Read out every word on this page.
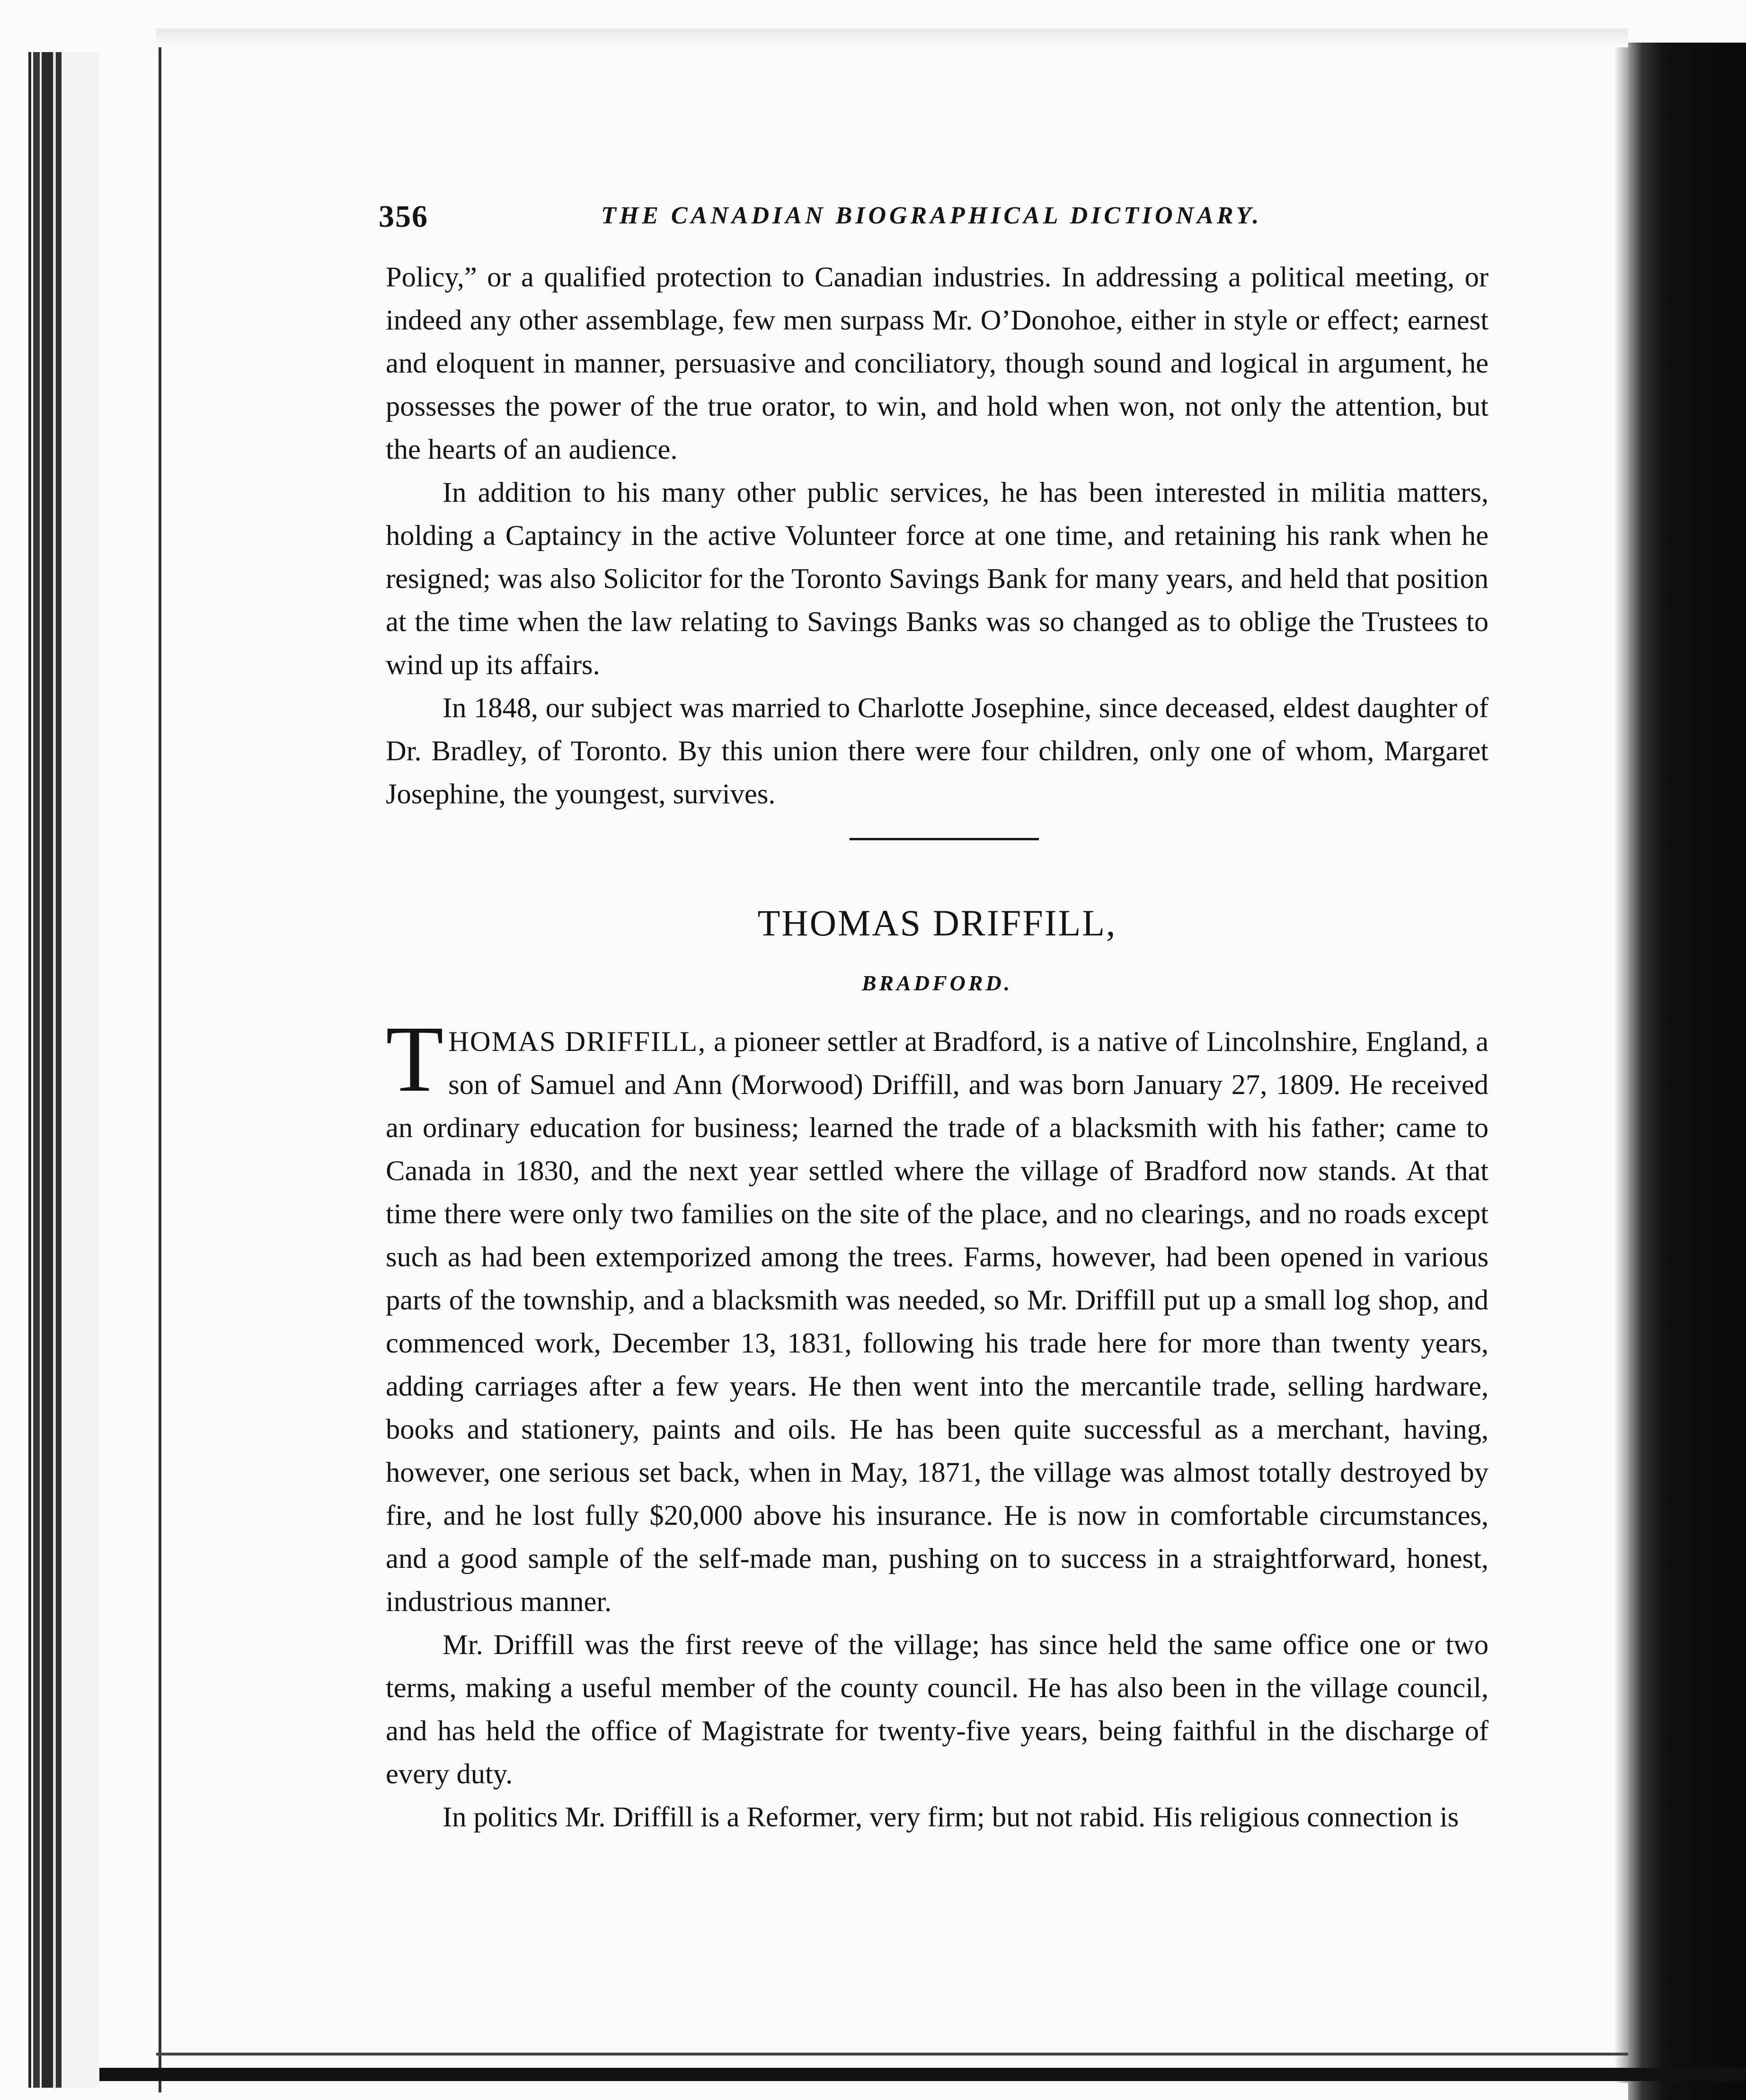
356	THE CANADIAN BIOGRAPHICAL DICTIONARY.

Policy,” or a qualified protection to Canadian industries. In addressing a political meeting, or indeed any other assemblage, few men surpass Mr. O’Donohoe, either in style or effect; earnest and eloquent in manner, persuasive and conciliatory, though sound and logical in argument, he possesses the power of the true orator, to win, and hold when won, not only the attention, but the hearts of an audience.

In addition to his many other public services, he has been interested in militia matters, holding a Captaincy in the active Volunteer force at one time, and retaining his rank when he resigned; was also Solicitor for the Toronto Savings Bank for many years, and held that position at the time when the law relating to Savings Banks was so changed as to oblige the Trustees to wind up its affairs.

In 1848, our subject was married to Charlotte Josephine, since deceased, eldest daughter of Dr. Bradley, of Toronto. By this union there were four children, only one of whom, Margaret Josephine, the youngest, survives.

THOMAS DRIFFILL,
BRADFORD.

THOMAS DRIFFILL, a pioneer settler at Bradford, is a native of Lincolnshire, England, a son of Samuel and Ann (Morwood) Driffill, and was born January 27, 1809. He received an ordinary education for business; learned the trade of a blacksmith with his father; came to Canada in 1830, and the next year settled where the village of Bradford now stands. At that time there were only two families on the site of the place, and no clearings, and no roads except such as had been extemporized among the trees. Farms, however, had been opened in various parts of the township, and a blacksmith was needed, so Mr. Driffill put up a small log shop, and commenced work, December 13, 1831, following his trade here for more than twenty years, adding carriages after a few years. He then went into the mercantile trade, selling hardware, books and stationery, paints and oils. He has been quite successful as a merchant, having, however, one serious set back, when in May, 1871, the village was almost totally destroyed by fire, and he lost fully $20,000 above his insurance. He is now in comfortable circumstances, and a good sample of the self-made man, pushing on to success in a straightforward, honest, industrious manner.

Mr. Driffill was the first reeve of the village; has since held the same office one or two terms, making a useful member of the county council. He has also been in the village council, and has held the office of Magistrate for twenty-five years, being faithful in the discharge of every duty.

In politics Mr. Driffill is a Reformer, very firm; but not rabid. His religious connection is
